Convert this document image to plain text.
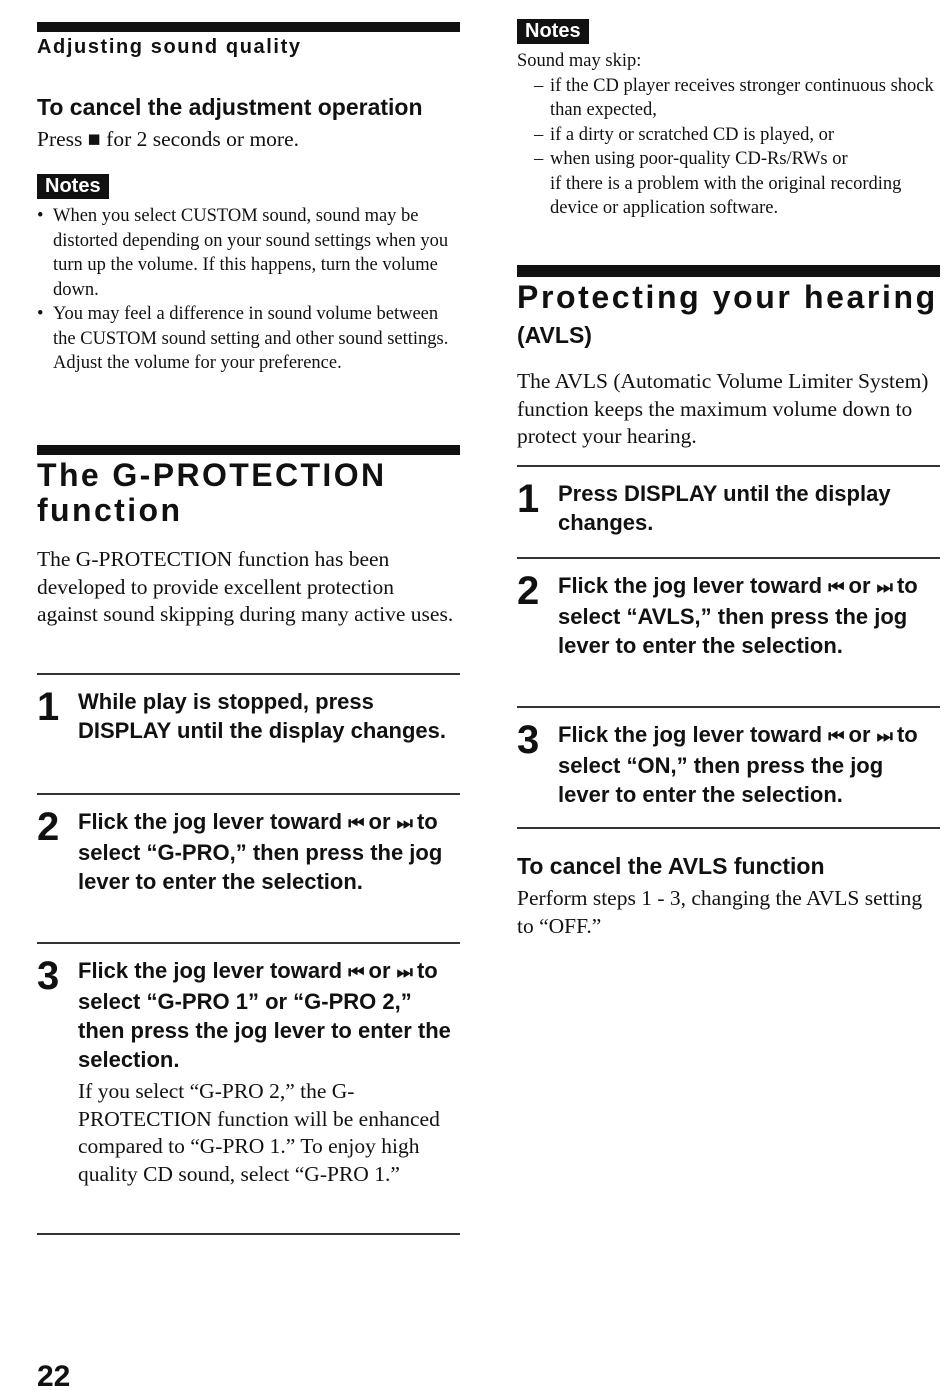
Adjusting sound quality
To cancel the adjustment operation
Press ■ for 2 seconds or more.
Notes
• When you select CUSTOM sound, sound may be distorted depending on your sound settings when you turn up the volume. If this happens, turn the volume down.
• You may feel a difference in sound volume between the CUSTOM sound setting and other sound settings. Adjust the volume for your preference.
The G-PROTECTION
function
The G-PROTECTION function has been developed to provide excellent protection against sound skipping during many active uses.
1 While play is stopped, press DISPLAY until the display changes.
2 Flick the jog lever toward ⏮ or ⏭ to select “G-PRO,” then press the jog lever to enter the selection.
3 Flick the jog lever toward ⏮ or ⏭ to select “G-PRO 1” or “G-PRO 2,” then press the jog lever to enter the selection.
If you select “G-PRO 2,” the G-PROTECTION function will be enhanced compared to “G-PRO 1.” To enjoy high quality CD sound, select “G-PRO 1.”
Notes
Sound may skip:
– if the CD player receives stronger continuous shock than expected,
– if a dirty or scratched CD is played, or
– when using poor-quality CD-Rs/RWs or
if there is a problem with the original recording device or application software.
Protecting your hearing
(AVLS)
The AVLS (Automatic Volume Limiter System) function keeps the maximum volume down to protect your hearing.
1 Press DISPLAY until the display changes.
2 Flick the jog lever toward ⏮ or ⏭ to select “AVLS,” then press the jog lever to enter the selection.
3 Flick the jog lever toward ⏮ or ⏭ to select “ON,” then press the jog lever to enter the selection.
To cancel the AVLS function
Perform steps 1 - 3, changing the AVLS setting to “OFF.”
22
